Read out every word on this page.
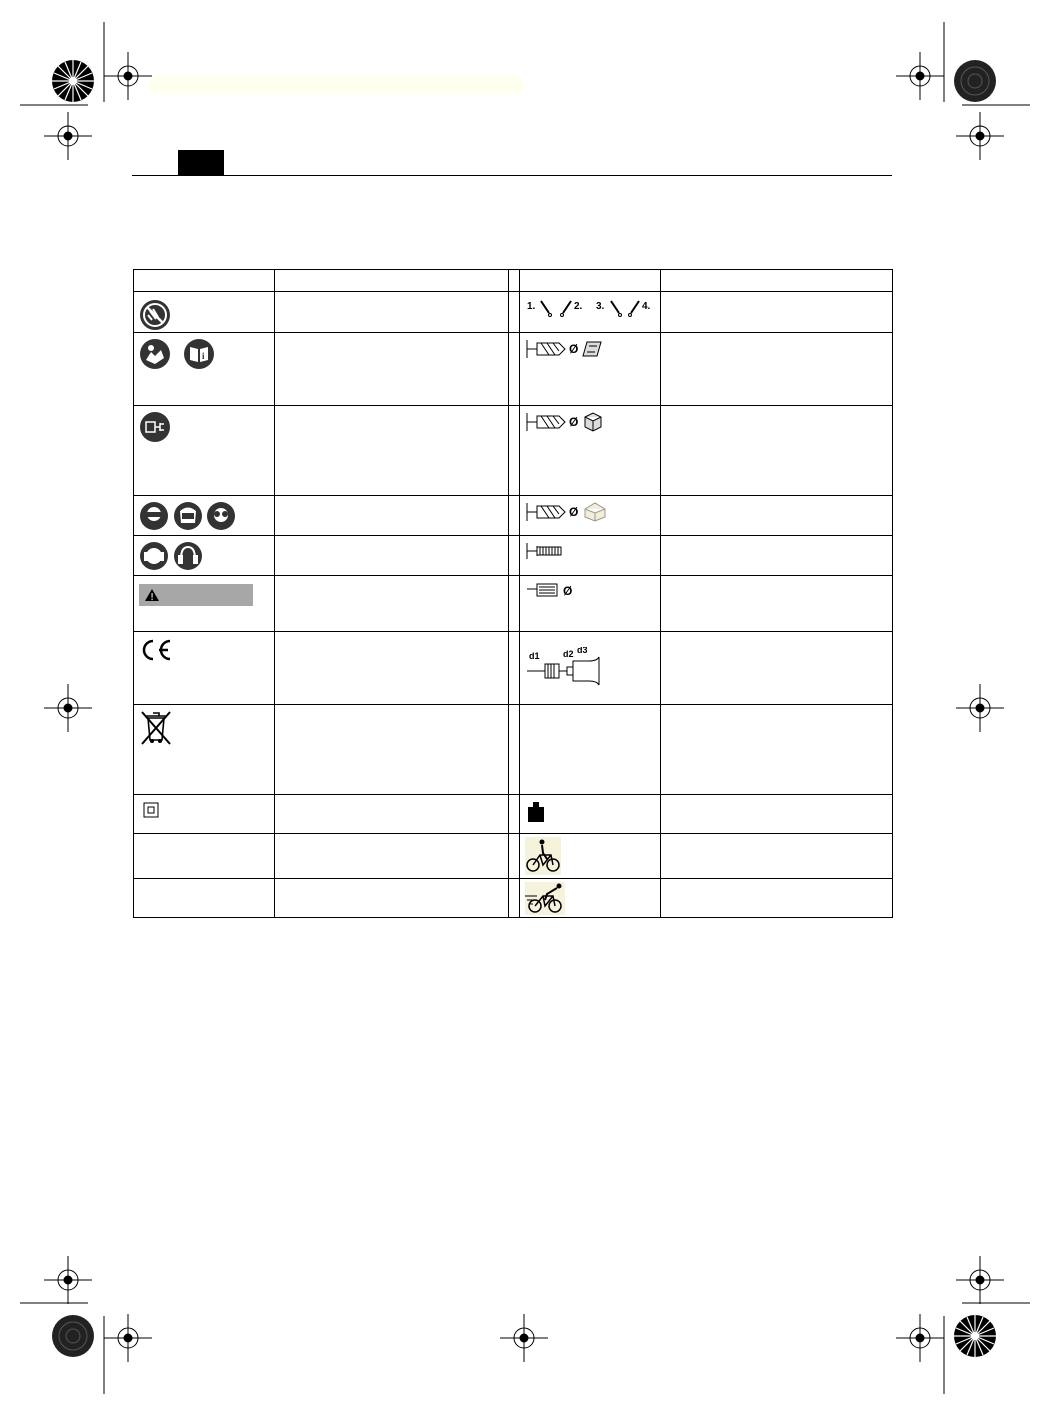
1. 2. 3. 4.	

i			Ø	

Ø	

Ø	

Ø	

d1 d2 d3	
